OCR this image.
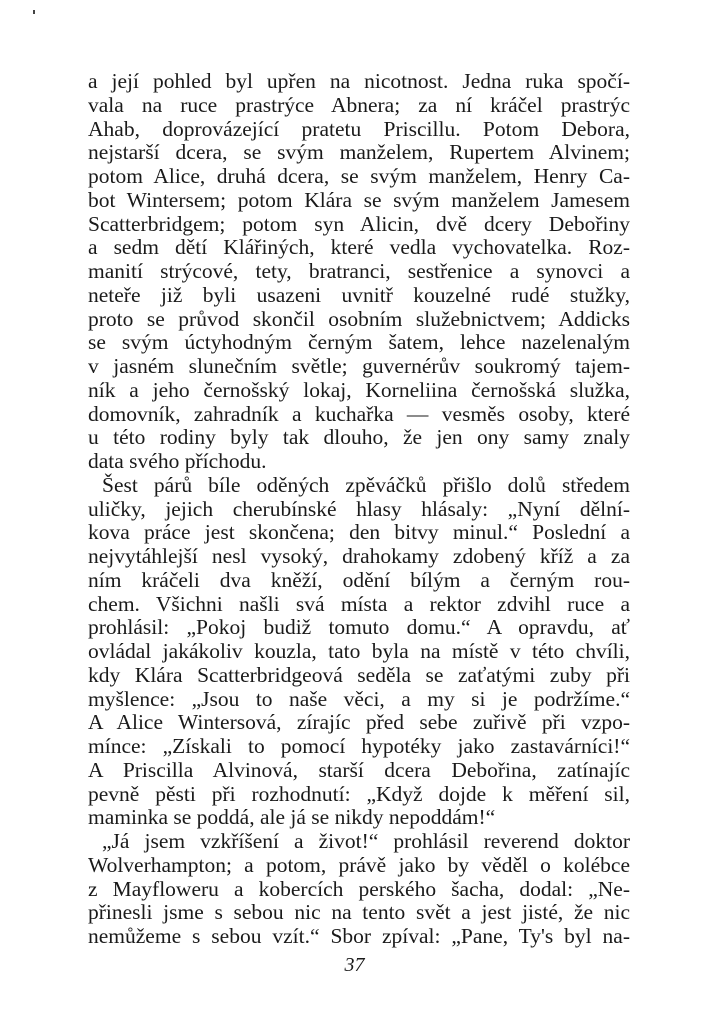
a její pohled byl upřen na nicotnost. Jedna ruka spočí-
vala na ruce prastrýce Abnera; za ní kráčel prastrýc
Ahab, doprovázející pratetu Priscillu. Potom Debora,
nejstarší dcera, se svým manželem, Rupertem Alvinem;
potom Alice, druhá dcera, se svým manželem, Henry Ca-
bot Wintersem; potom Klára se svým manželem Jamesem
Scatterbridgem; potom syn Alicin, dvě dcery Debořiny
a sedm dětí Klářiných, které vedla vychovatelka. Roz-
manití strýcové, tety, bratranci, sestřenice a synovci a
neteře již byli usazeni uvnitř kouzelné rudé stužky,
proto se průvod skončil osobním služebnictvem; Addicks
se svým úctyhodným černým šatem, lehce nazelenalým
v jasném slunečním světle; guvernérův soukromý tajem-
ník a jeho černošský lokaj, Korneliina černošská služka,
domovník, zahradník a kuchařka — vesměs osoby, které
u této rodiny byly tak dlouho, že jen ony samy znaly
data svého příchodu.
Šest párů bíle oděných zpěváčků přišlo dolů středem
uličky, jejich cherubínské hlasy hlásaly: „Nyní dělní-
kova práce jest skončena; den bitvy minul.“ Poslední a
nejvytáhlejší nesl vysoký, drahokamy zdobený kříž a za
ním kráčeli dva kněží, odění bílým a černým rou-
chem. Všichni našli svá místa a rektor zdvihl ruce a
prohlásil: „Pokoj budiž tomuto domu.“ A opravdu, ať
ovládal jakákoliv kouzla, tato byla na místě v této chvíli,
kdy Klára Scatterbridgeová seděla se zaťatými zuby při
myšlence: „Jsou to naše věci, a my si je podržíme.“
A Alice Wintersová, zírajíc před sebe zuřivě při vzpo-
mínce: „Získali to pomocí hypotéky jako zastavárníci!“
A Priscilla Alvinová, starší dcera Debořina, zatínajíc
pevně pěsti při rozhodnutí: „Když dojde k měření sil,
maminka se poddá, ale já se nikdy nepoddám!“
„Já jsem vzkříšení a život!“ prohlásil reverend doktor
Wolverhampton; a potom, právě jako by věděl o kolébce
z Mayfloweru a kobercích perského šacha, dodal: „Ne-
přinesli jsme s sebou nic na tento svět a jest jisté, že nic
nemůžeme s sebou vzít.“ Sbor zpíval: „Pane, Ty's byl na-
37
